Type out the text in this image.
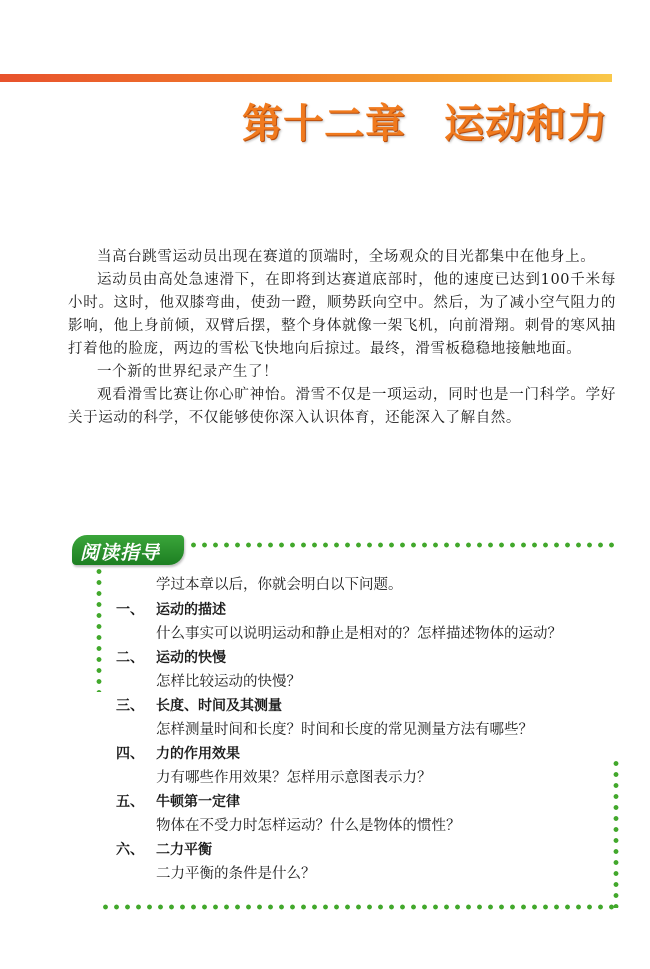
第十二章 运动和力

当高台跳雪运动员出现在赛道的顶端时，全场观众的目光都集中在他身上。

运动员由高处急速滑下，在即将到达赛道底部时，他的速度已达到100千米每小时。这时，他双膝弯曲，使劲一蹬，顺势跃向空中。然后，为了减小空气阻力的影响，他上身前倾，双臂后摆，整个身体就像一架飞机，向前滑翔。刺骨的寒风抽打着他的脸庞，两边的雪松飞快地向后掠过。最终，滑雪板稳稳地接触地面。

一个新的世界纪录产生了！

观看滑雪比赛让你心旷神怡。滑雪不仅是一项运动，同时也是一门科学。学好关于运动的科学，不仅能够使你深入认识体育，还能深入了解自然。

阅读指导

学过本章以后，你就会明白以下问题。

一、 运动的描述
什么事实可以说明运动和静止是相对的？怎样描述物体的运动？
二、 运动的快慢
怎样比较运动的快慢？
三、 长度、时间及其测量
怎样测量时间和长度？时间和长度的常见测量方法有哪些？
四、 力的作用效果
力有哪些作用效果？怎样用示意图表示力？
五、 牛顿第一定律
物体在不受力时怎样运动？什么是物体的惯性？
六、 二力平衡
二力平衡的条件是什么？
